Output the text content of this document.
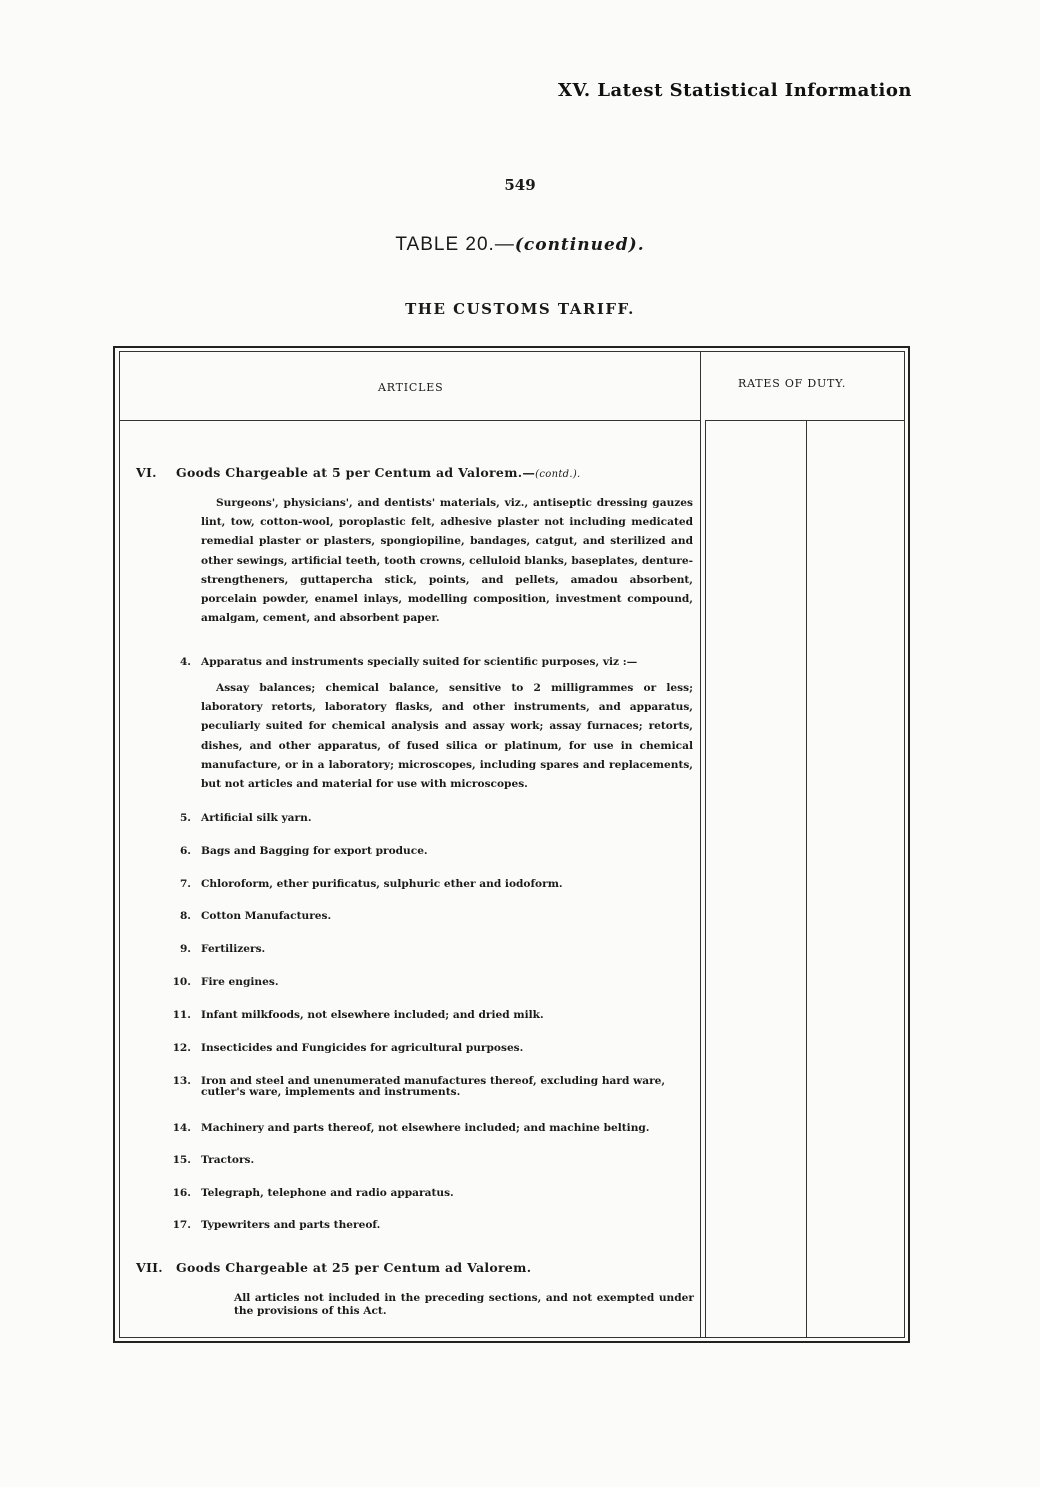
XV. Latest Statistical Information
549
TABLE 20.—(continued).
THE CUSTOMS TARIFF.
ARTICLES	RATES OF DUTY.
VI. Goods Chargeable at 5 per Centum ad Valorem.—(contd.).
Surgeons', physicians', and dentists' materials, viz., antiseptic dressing gauzes lint, tow, cotton-wool, poroplastic felt, adhesive plaster not including medicated remedial plaster or plasters, spongiopiline, bandages, catgut, and sterilized and other sewings, artificial teeth, tooth crowns, celluloid blanks, baseplates, denture-strengtheners, guttapercha stick, points, and pellets, amadou absorbent, porcelain powder, enamel inlays, modelling composition, investment compound, amalgam, cement, and absorbent paper.
4. Apparatus and instruments specially suited for scientific purposes, viz :—
Assay balances; chemical balance, sensitive to 2 milligrammes or less; laboratory retorts, laboratory flasks, and other instruments, and apparatus, peculiarly suited for chemical analysis and assay work; assay furnaces; retorts, dishes, and other apparatus, of fused silica or platinum, for use in chemical manufacture, or in a laboratory; microscopes, including spares and replacements, but not articles and material for use with microscopes.
5. Artificial silk yarn.
6. Bags and Bagging for export produce.
7. Chloroform, ether purificatus, sulphuric ether and iodoform.
8. Cotton Manufactures.
9. Fertilizers.
10. Fire engines.
11. Infant milkfoods, not elsewhere included; and dried milk.
12. Insecticides and Fungicides for agricultural purposes.
13. Iron and steel and unenumerated manufactures thereof, excluding hard ware, cutler's ware, implements and instruments.
14. Machinery and parts thereof, not elsewhere included; and machine belting.
15. Tractors.
16. Telegraph, telephone and radio apparatus.
17. Typewriters and parts thereof.
VII. Goods Chargeable at 25 per Centum ad Valorem.
All articles not included in the preceding sections, and not exempted under the provisions of this Act.
